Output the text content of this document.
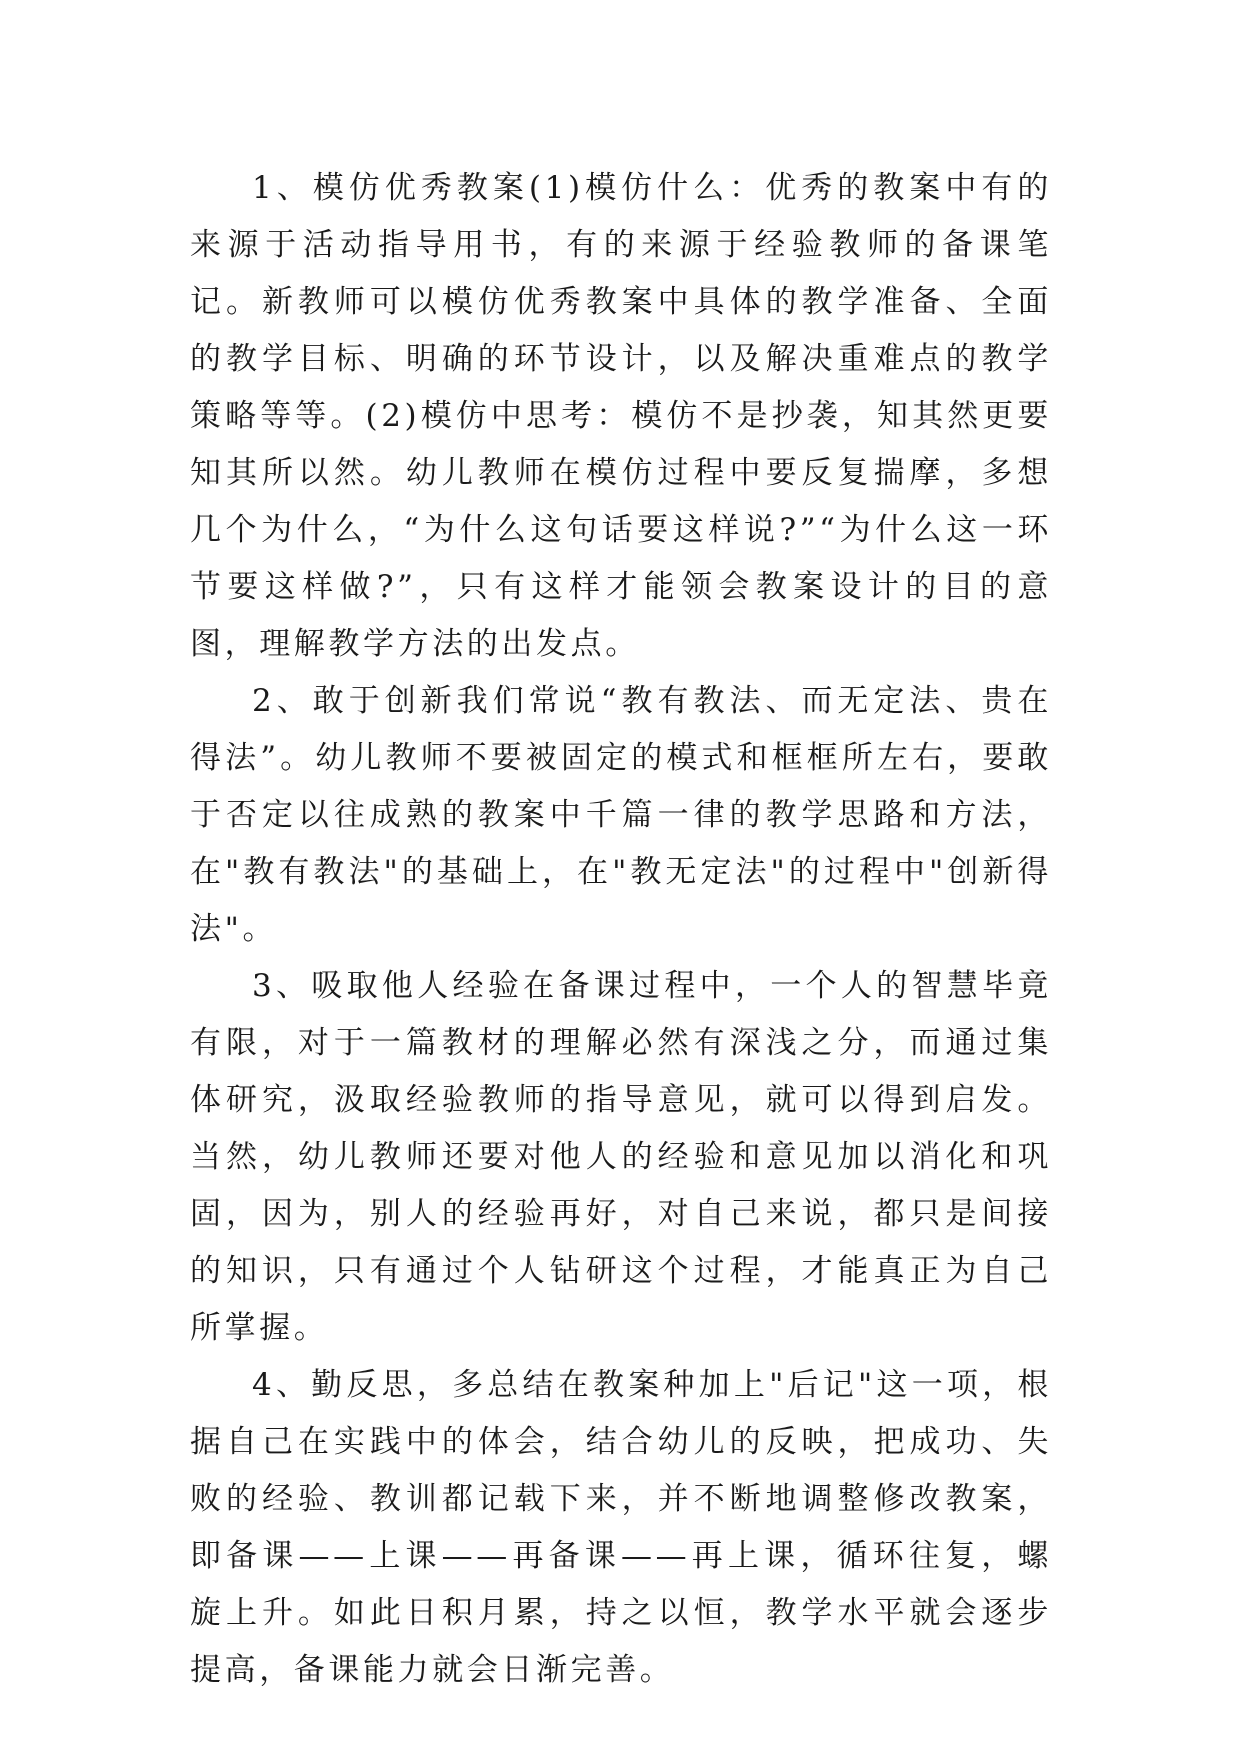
1、模仿优秀教案(1)模仿什么：优秀的教案中有的来源于活动指导用书，有的来源于经验教师的备课笔记。新教师可以模仿优秀教案中具体的教学准备、全面的教学目标、明确的环节设计，以及解决重难点的教学策略等等。(2)模仿中思考：模仿不是抄袭，知其然更要知其所以然。幼儿教师在模仿过程中要反复揣摩，多想几个为什么，“为什么这句话要这样说?”“为什么这一环节要这样做?”，只有这样才能领会教案设计的目的意图，理解教学方法的出发点。

2、敢于创新我们常说“教有教法、而无定法、贵在得法”。幼儿教师不要被固定的模式和框框所左右，要敢于否定以往成熟的教案中千篇一律的教学思路和方法，在"教有教法"的基础上，在"教无定法"的过程中"创新得法"。

3、吸取他人经验在备课过程中，一个人的智慧毕竟有限，对于一篇教材的理解必然有深浅之分，而通过集体研究，汲取经验教师的指导意见，就可以得到启发。当然，幼儿教师还要对他人的经验和意见加以消化和巩固，因为，别人的经验再好，对自己来说，都只是间接的知识，只有通过个人钻研这个过程，才能真正为自己所掌握。

4、勤反思，多总结在教案种加上"后记"这一项，根据自己在实践中的体会，结合幼儿的反映，把成功、失败的经验、教训都记载下来，并不断地调整修改教案，即备课——上课——再备课——再上课，循环往复，螺旋上升。如此日积月累，持之以恒，教学水平就会逐步提高，备课能力就会日渐完善。
